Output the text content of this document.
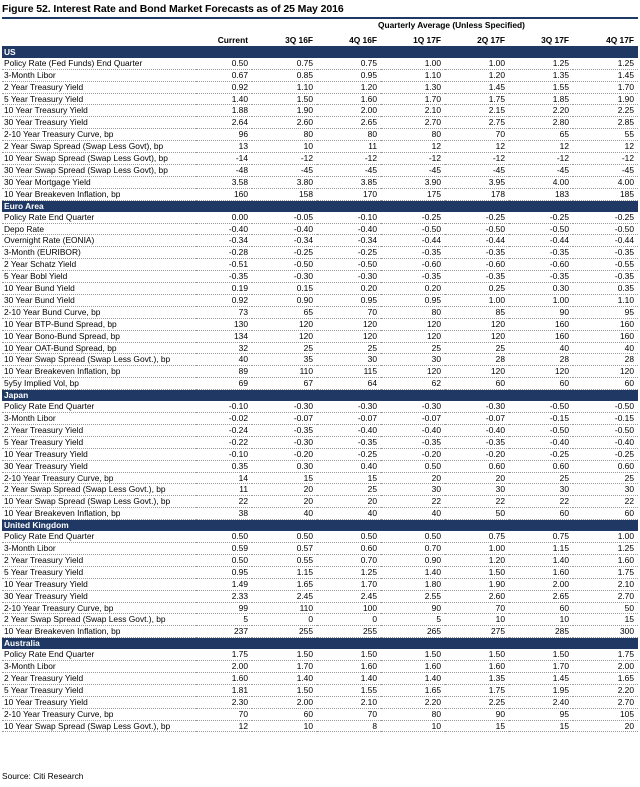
Figure 52. Interest Rate and Bond Market Forecasts as of 25 May 2016
Quarterly Average (Unless Specified)
	Current	3Q 16F	4Q 16F	1Q 17F	2Q 17F	3Q 17F	4Q 17F
US							
Policy Rate (Fed Funds) End Quarter	0.50	0.75	0.75	1.00	1.00	1.25	1.25
3-Month Libor	0.67	0.85	0.95	1.10	1.20	1.35	1.45
2 Year Treasury Yield	0.92	1.10	1.20	1.30	1.45	1.55	1.70
5 Year Treasury Yield	1.40	1.50	1.60	1.70	1.75	1.85	1.90
10 Year Treasury Yield	1.88	1.90	2.00	2.10	2.15	2.20	2.25
30 Year Treasury Yield	2.64	2.60	2.65	2.70	2.75	2.80	2.85
2-10 Year Treasury Curve, bp	96	80	80	80	70	65	55
2 Year Swap Spread (Swap Less Govt), bp	13	10	11	12	12	12	12
10 Year Swap Spread (Swap Less Govt), bp	-14	-12	-12	-12	-12	-12	-12
30 Year Swap Spread (Swap Less Govt), bp	-48	-45	-45	-45	-45	-45	-45
30 Year Mortgage Yield	3.58	3.80	3.85	3.90	3.95	4.00	4.00
10 Year Breakeven Inflation, bp	160	158	170	175	178	183	185
Euro Area							
Policy Rate End Quarter	0.00	-0.05	-0.10	-0.25	-0.25	-0.25	-0.25
Depo Rate	-0.40	-0.40	-0.40	-0.50	-0.50	-0.50	-0.50
Overnight Rate (EONIA)	-0.34	-0.34	-0.34	-0.44	-0.44	-0.44	-0.44
3-Month (EURIBOR)	-0.28	-0.25	-0.25	-0.35	-0.35	-0.35	-0.35
2 Year Schatz Yield	-0.51	-0.50	-0.50	-0.60	-0.60	-0.60	-0.55
5 Year Bobl Yield	-0.35	-0.30	-0.30	-0.35	-0.35	-0.35	-0.35
10 Year Bund Yield	0.19	0.15	0.20	0.20	0.25	0.30	0.35
30 Year Bund Yield	0.92	0.90	0.95	0.95	1.00	1.00	1.10
2-10 Year Bund Curve, bp	73	65	70	80	85	90	95
10 Year BTP-Bund Spread, bp	130	120	120	120	120	160	160
10 Year Bono-Bund Spread, bp	134	120	120	120	120	160	160
10 Year OAT-Bund Spread, bp	32	25	25	25	25	40	40
10 Year Swap Spread (Swap Less Govt.), bp	40	35	30	30	28	28	28
10 Year Breakeven Inflation, bp	89	110	115	120	120	120	120
5y5y Implied Vol, bp	69	67	64	62	60	60	60
Japan							
Policy Rate End Quarter	-0.10	-0.30	-0.30	-0.30	-0.30	-0.50	-0.50
3-Month Libor	-0.02	-0.07	-0.07	-0.07	-0.07	-0.15	-0.15
2 Year Treasury Yield	-0.24	-0.35	-0.40	-0.40	-0.40	-0.50	-0.50
5 Year Treasury Yield	-0.22	-0.30	-0.35	-0.35	-0.35	-0.40	-0.40
10 Year Treasury Yield	-0.10	-0.20	-0.25	-0.20	-0.20	-0.25	-0.25
30 Year Treasury Yield	0.35	0.30	0.40	0.50	0.60	0.60	0.60
2-10 Year Treasury Curve, bp	14	15	15	20	20	25	25
2 Year Swap Spread (Swap Less Govt.), bp	11	20	25	30	30	30	30
10 Year Swap Spread (Swap Less Govt.), bp	22	20	20	22	22	22	22
10 Year Breakeven Inflation, bp	38	40	40	40	50	60	60
United Kingdom							
Policy Rate End Quarter	0.50	0.50	0.50	0.50	0.75	0.75	1.00
3-Month Libor	0.59	0.57	0.60	0.70	1.00	1.15	1.25
2 Year Treasury Yield	0.50	0.55	0.70	0.90	1.20	1.40	1.60
5 Year Treasury Yield	0.95	1.15	1.25	1.40	1.50	1.60	1.75
10 Year Treasury Yield	1.49	1.65	1.70	1.80	1.90	2.00	2.10
30 Year Treasury Yield	2.33	2.45	2.45	2.55	2.60	2.65	2.70
2-10 Year Treasury Curve, bp	99	110	100	90	70	60	50
2 Year Swap Spread (Swap Less Govt.), bp	5	0	0	5	10	10	15
10 Year Breakeven Inflation, bp	237	255	255	265	275	285	300
Australia							
Policy Rate End Quarter	1.75	1.50	1.50	1.50	1.50	1.50	1.75
3-Month Libor	2.00	1.70	1.60	1.60	1.60	1.70	2.00
2 Year Treasury Yield	1.60	1.40	1.40	1.40	1.35	1.45	1.65
5 Year Treasury Yield	1.81	1.50	1.55	1.65	1.75	1.95	2.20
10 Year Treasury Yield	2.30	2.00	2.10	2.20	2.25	2.40	2.70
2-10 Year Treasury Curve, bp	70	60	70	80	90	95	105
10 Year Swap Spread (Swap Less Govt.), bp	12	10	8	10	15	15	20
Source: Citi Research
